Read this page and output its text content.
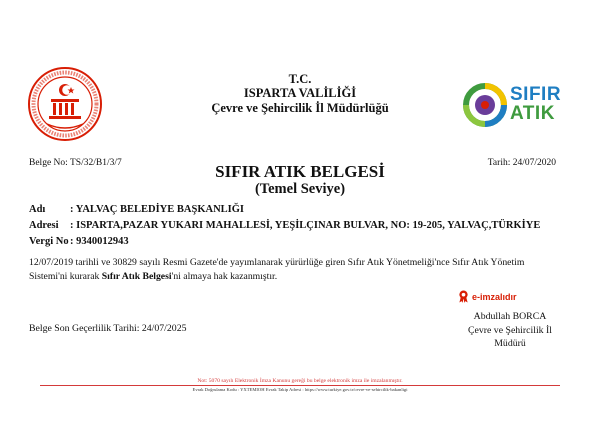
T.C.
ISPARTA VALİLİĞİ
Çevre ve Şehircilik İl Müdürlüğü
SIFIR
ATIK
Belge No: TS/32/B1/3/7	Tarih: 24/07/2020
SIFIR ATIK BELGESİ
(Temel Seviye)
Adı : YALVAÇ BELEDİYE BAŞKANLIĞI
Adresi : ISPARTA,PAZAR YUKARI MAHALLESİ, YEŞİLÇINAR BULVAR, NO: 19-205, YALVAÇ,TÜRKİYE
Vergi No: 9340012943
12/07/2019 tarihli ve 30829 sayılı Resmi Gazete'de yayımlanarak yürürlüğe giren Sıfır Atık Yönetmeliği'nce Sıfır Atık Yönetim Sistemi'ni kurarak Sıfır Atık Belgesi'ni almaya hak kazanmıştır.
Belge Son Geçerlilik Tarihi: 24/07/2025
e-imzalıdır
Abdullah BORCA
Çevre ve Şehircilik İl
Müdürü
Not: 5070 sayılı Elektronik İmza Kanunu gereği bu belge elektronik imza ile imzalanmıştır.
Evrak Doğrulama Kodu : YXTEMIOH Evrak Takip Adresi : https://www.turkiye.gov.tr/cevre-ve-sehircilik-bakanligi
